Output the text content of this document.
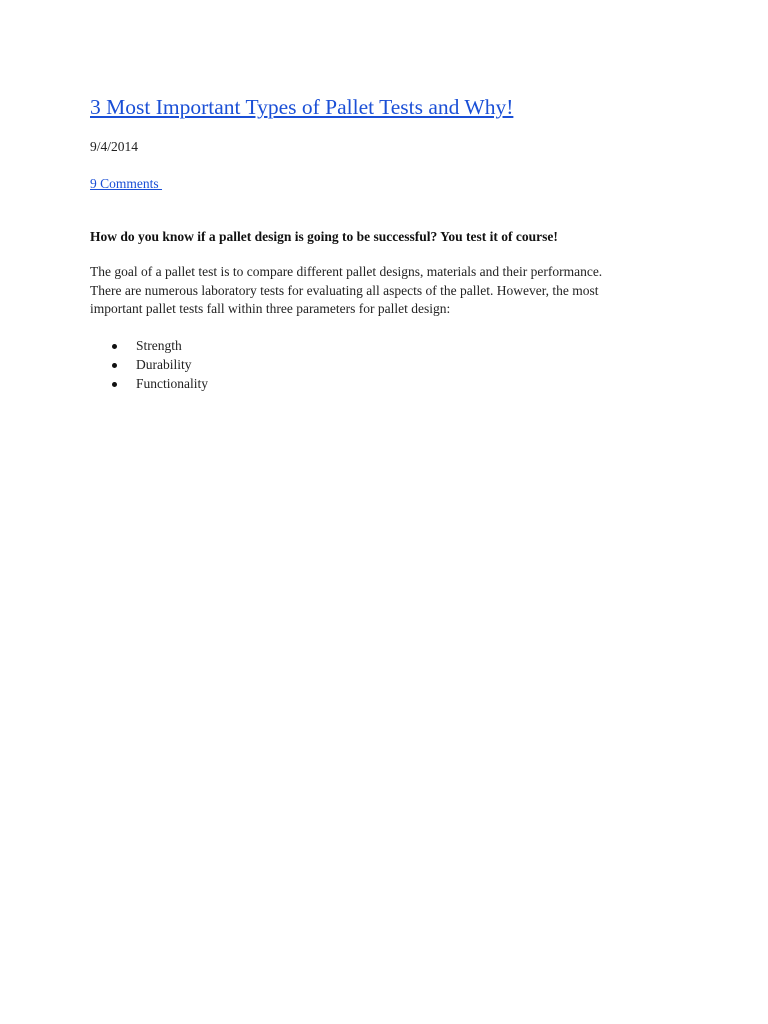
3 Most Important Types of Pallet Tests and Why!
9/4/2014
9 Comments

How do you know if a pallet design is going to be successful? You test it of course!

The goal of a pallet test is to compare different pallet designs, materials and their performance.
There are numerous laboratory tests for evaluating all aspects of the pallet. However, the most
important pallet tests fall within three parameters for pallet design:

Strength
Durability
Functionality
